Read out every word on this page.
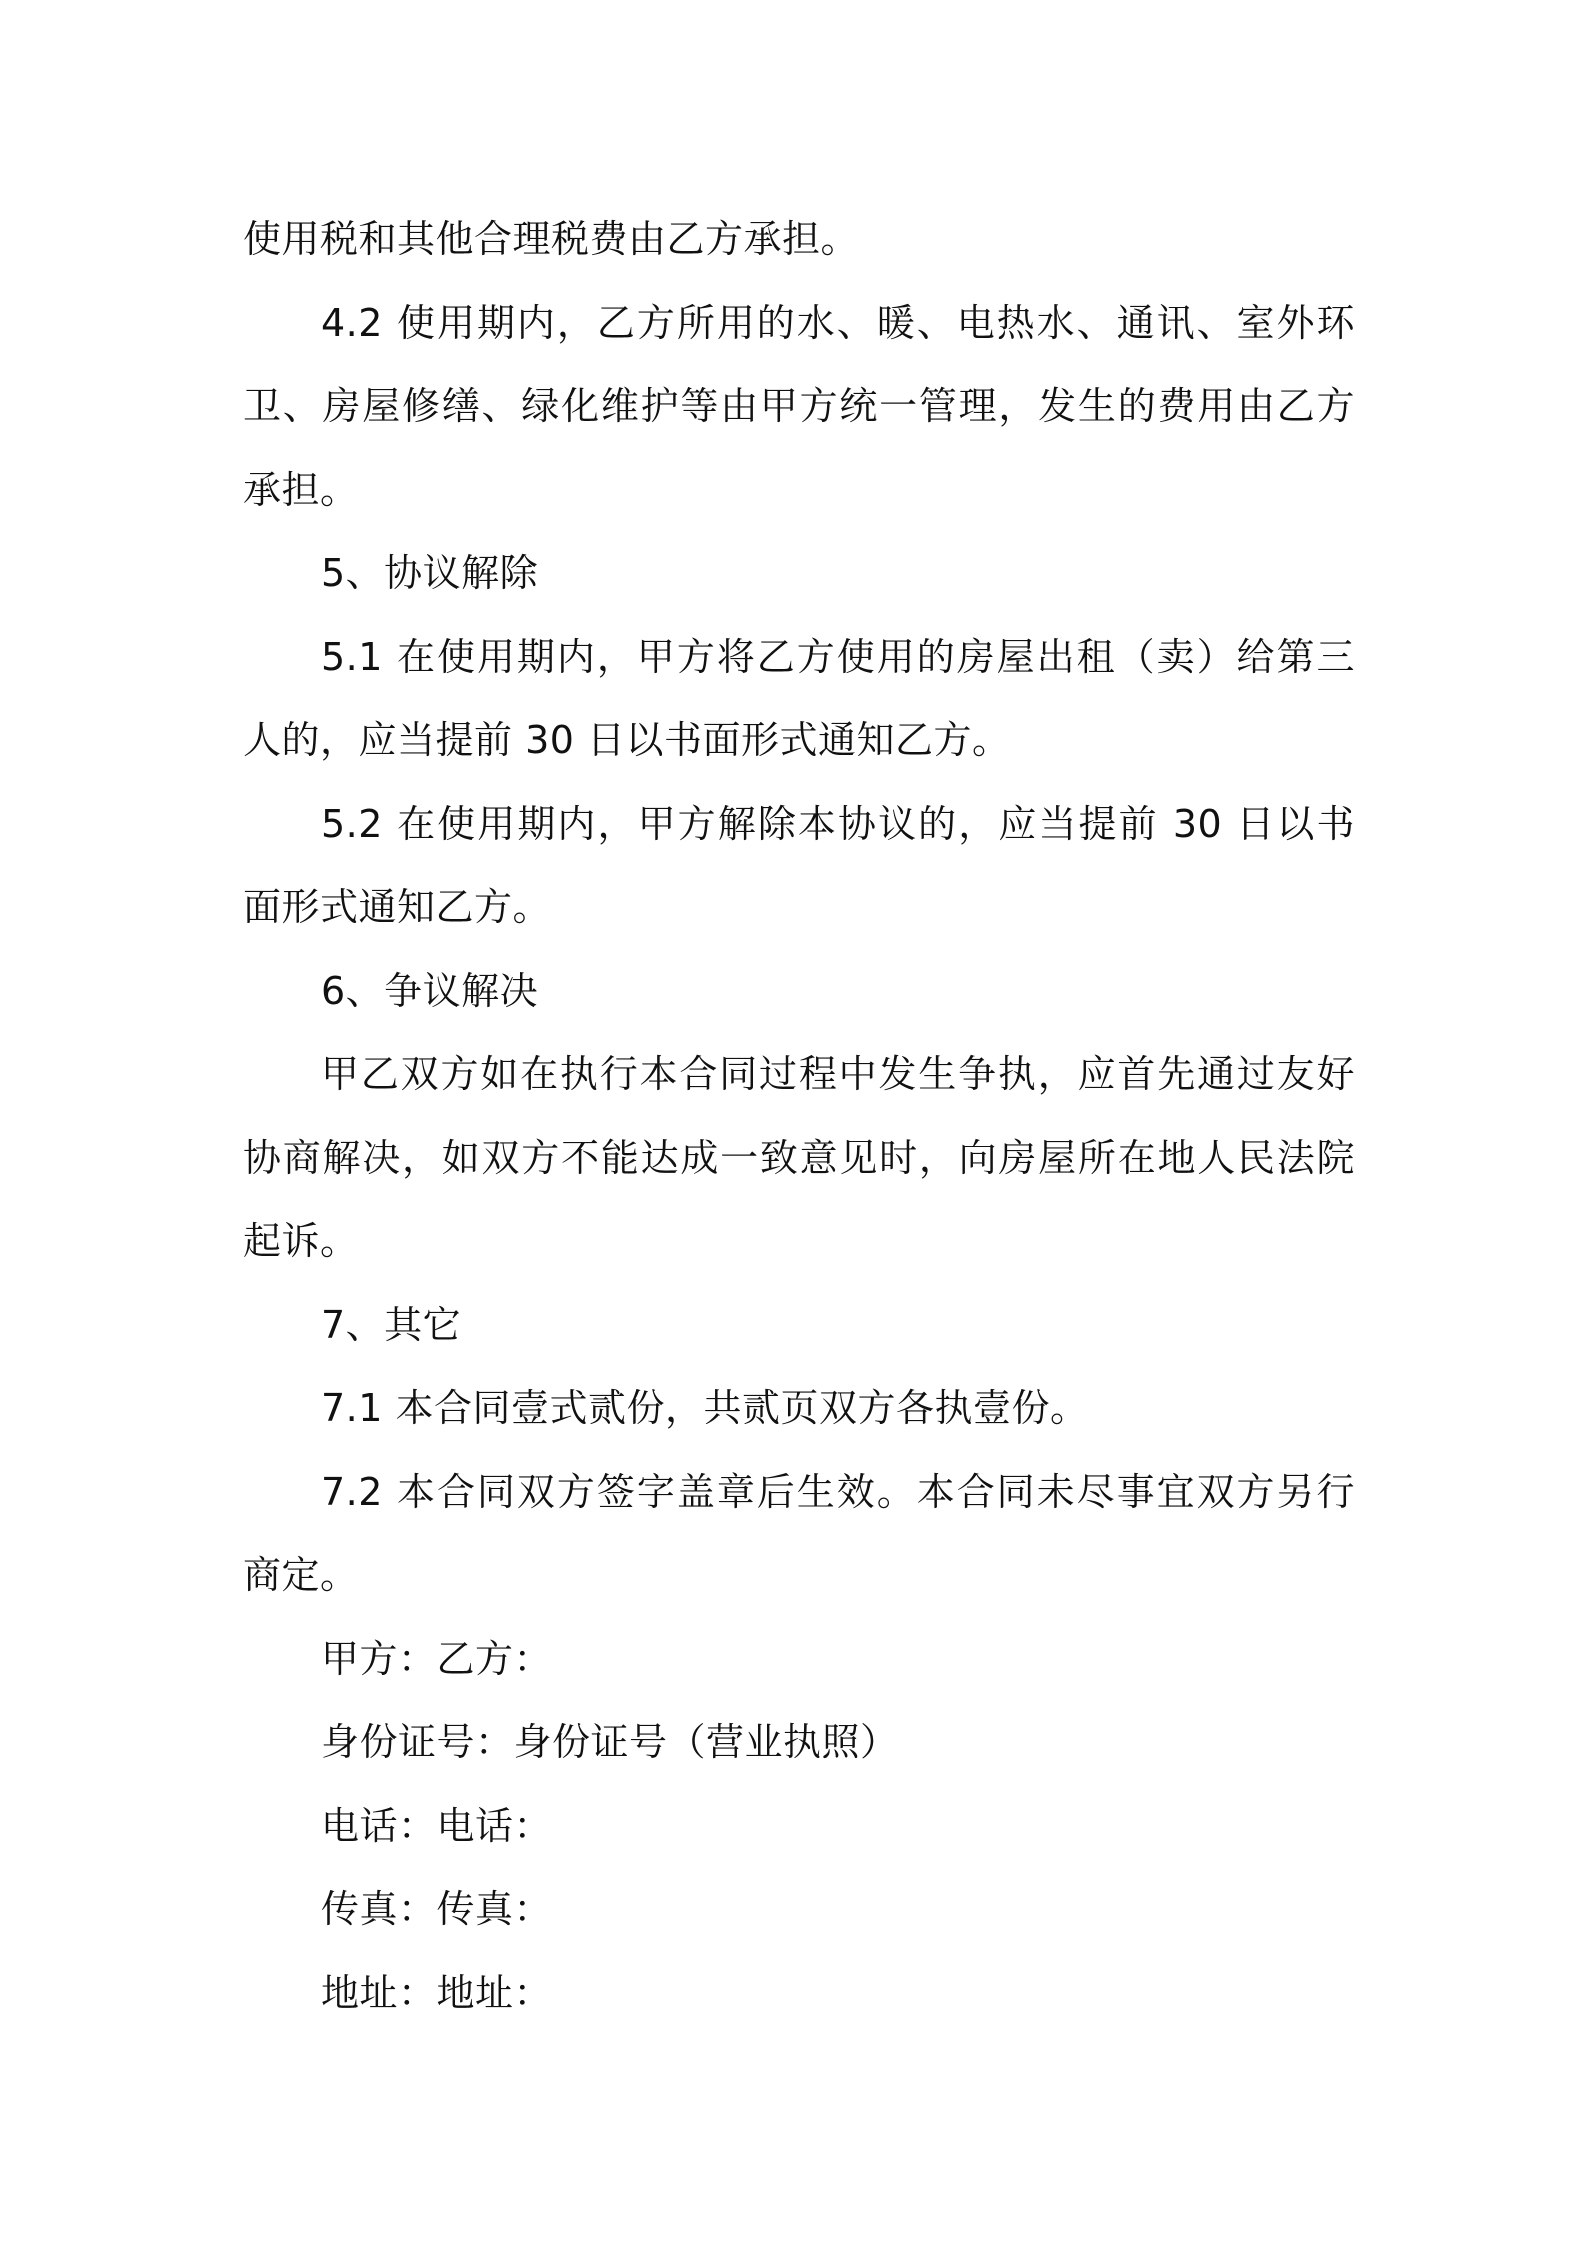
使用税和其他合理税费由乙方承担。

4.2 使用期内，乙方所用的水、暖、电热水、通讯、室外环卫、房屋修缮、绿化维护等由甲方统一管理，发生的费用由乙方承担。

5、协议解除

5.1 在使用期内，甲方将乙方使用的房屋出租（卖）给第三人的，应当提前 30 日以书面形式通知乙方。

5.2 在使用期内，甲方解除本协议的，应当提前 30 日以书面形式通知乙方。

6、争议解决

甲乙双方如在执行本合同过程中发生争执，应首先通过友好协商解决，如双方不能达成一致意见时，向房屋所在地人民法院起诉。

7、其它

7.1 本合同壹式贰份，共贰页双方各执壹份。

7.2 本合同双方签字盖章后生效。本合同未尽事宜双方另行商定。

甲方：乙方：

身份证号：身份证号（营业执照）

电话：电话：

传真：传真：

地址：地址：
